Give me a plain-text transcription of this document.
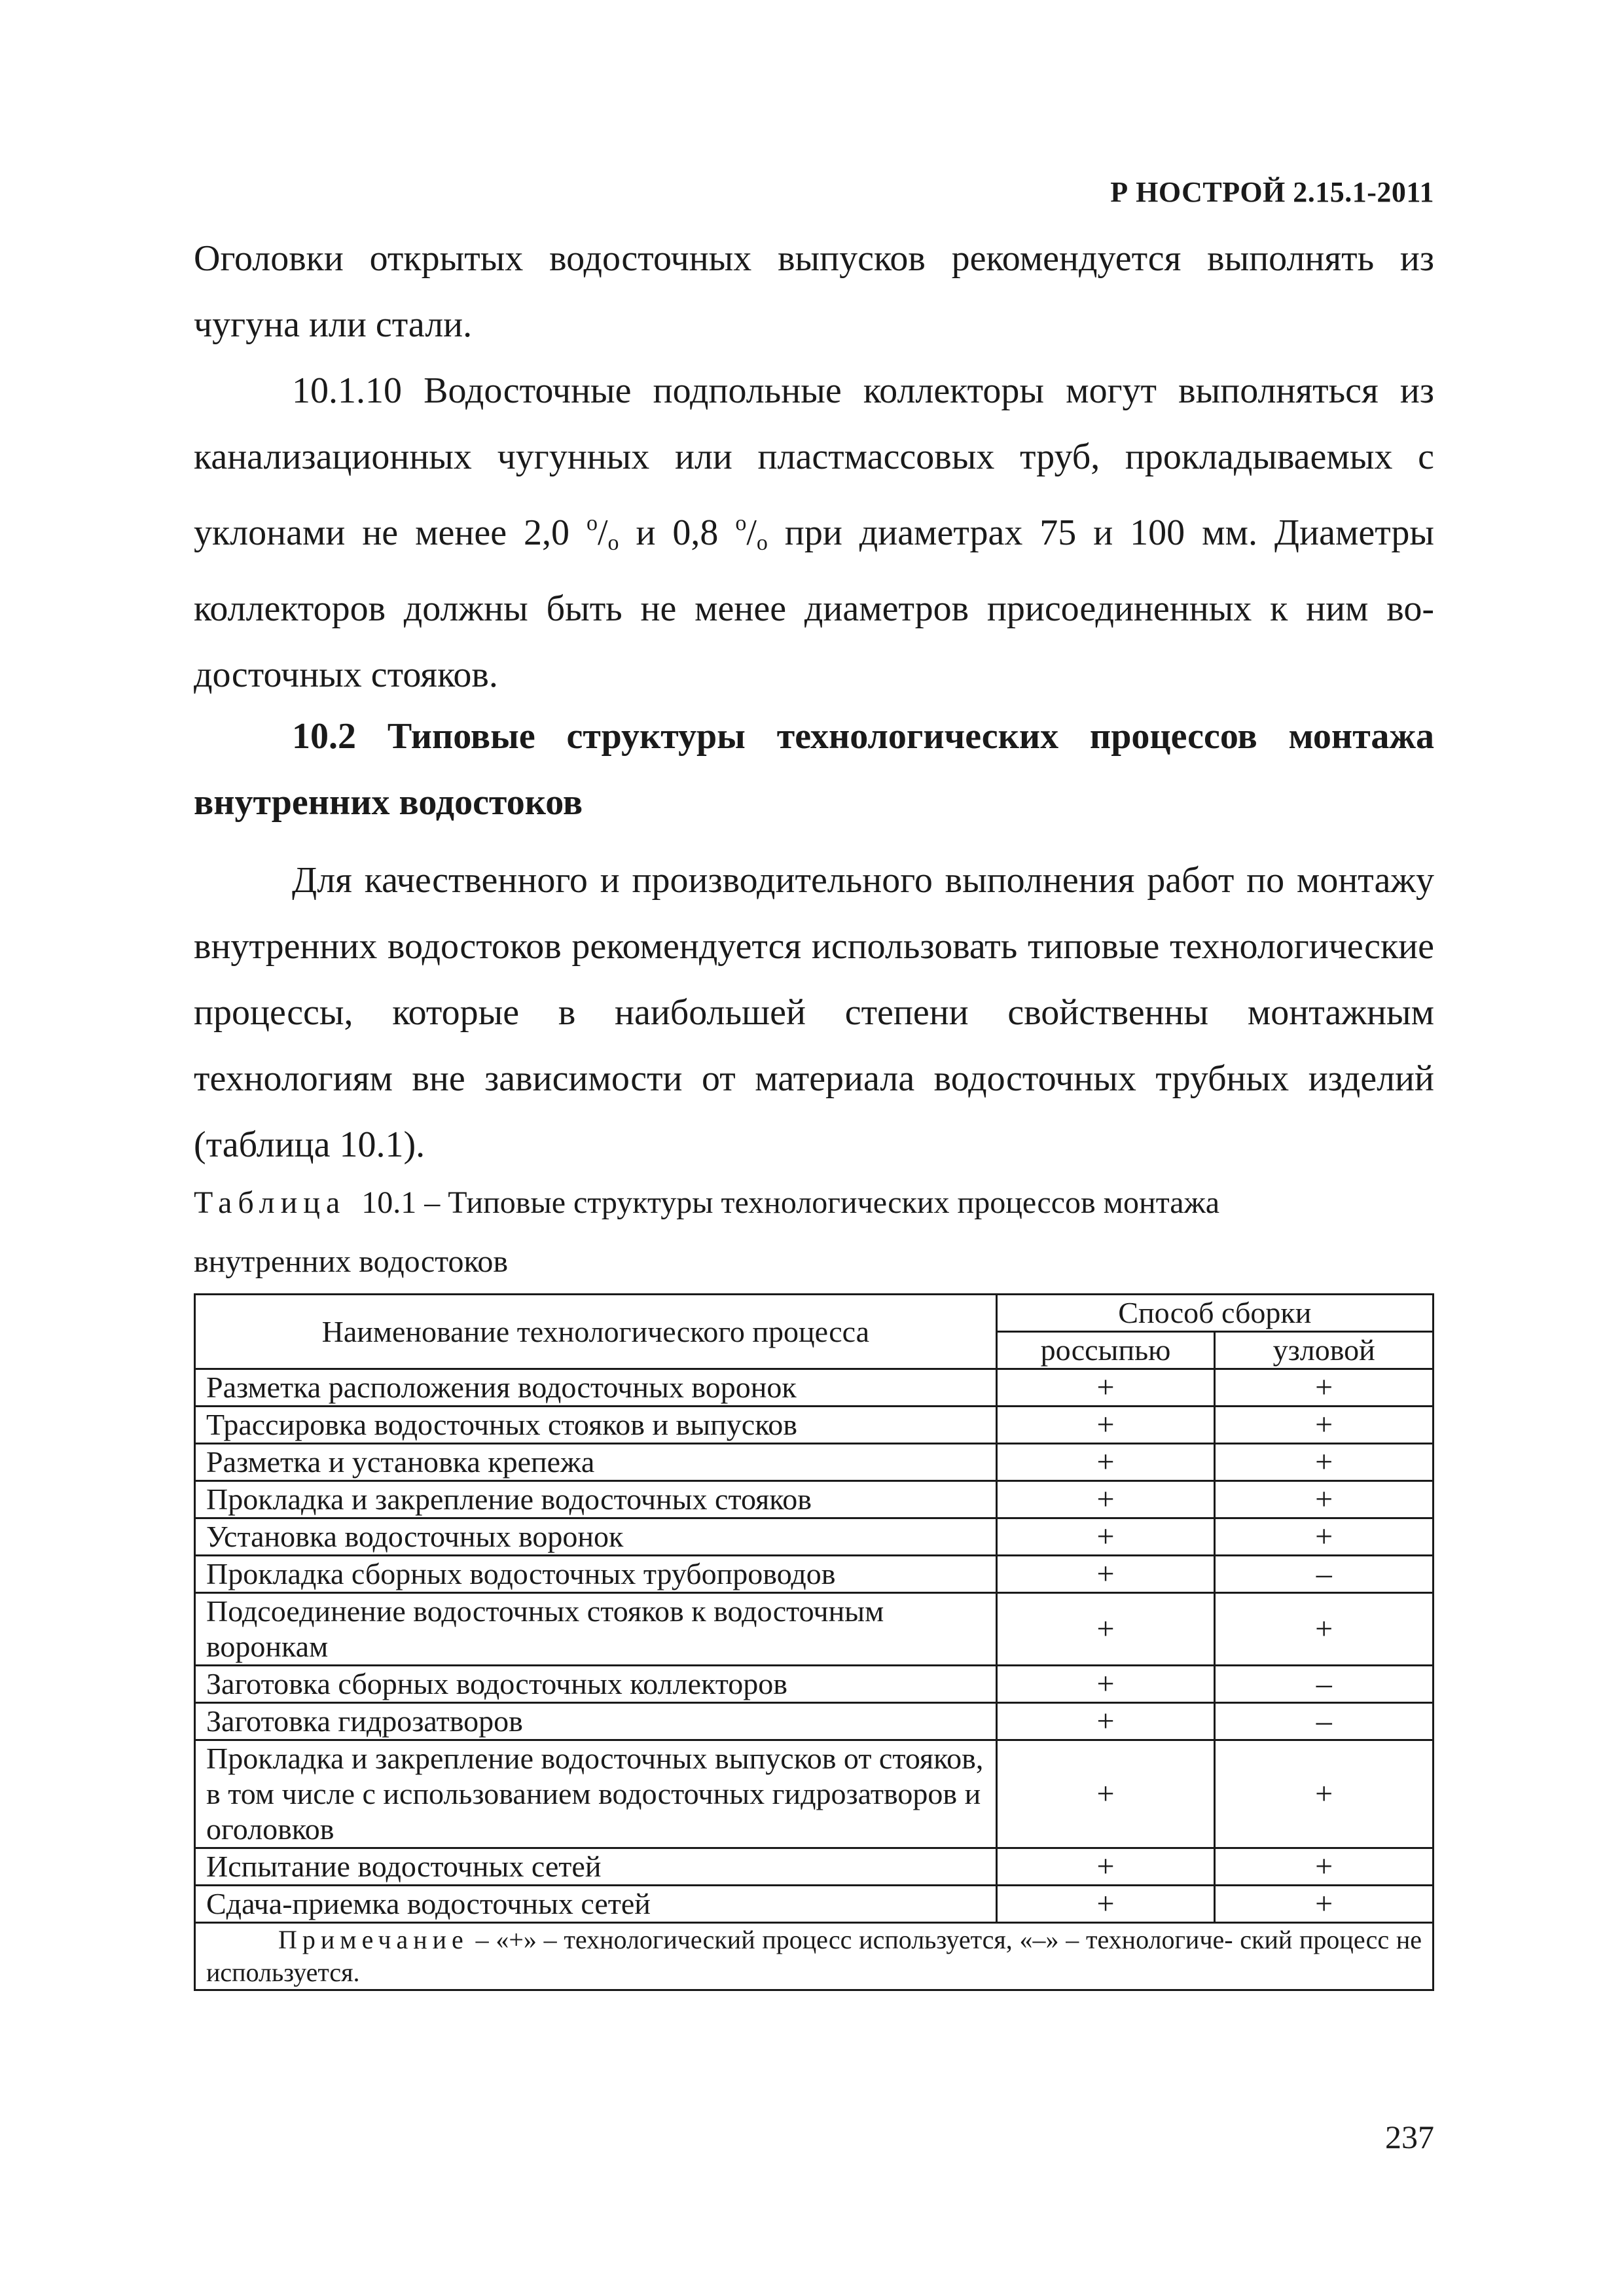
Р НОСТРОЙ 2.15.1-2011

Оголовки открытых водосточных выпусков рекомендуется выполнять из чугуна или стали.

10.1.10 Водосточные подпольные коллекторы могут выполняться из канализационных чугунных или пластмассовых труб, прокладываемых с уклонами не менее 2,0 $^о/_о$ и 0,8 $^о/_о$ при диаметрах 75 и 100 мм. Диаметры коллекторов должны быть не менее диаметров присоединенных к ним во- досточных стояков.

10.2 Типовые структуры технологических процессов монтажа
внутренних водостоков

Для качественного и производительного выполнения работ по монтажу внутренних водостоков рекомендуется использовать типовые технологические процессы, которые в наибольшей степени свойственны монтажным технологиям вне зависимости от материала водосточных трубных изделий (таблица 10.1).

Таблица 10.1 – Типовые структуры технологических процессов монтажа
внутренних водостоков
Наименование технологического процесса	Способ сборки	
	россыпью	узловой
Разметка расположения водосточных воронок	+	+
Трассировка водосточных стояков и выпусков	+	+
Разметка и установка крепежа	+	+
Прокладка и закрепление водосточных стояков	+	+
Установка водосточных воронок	+	+
Прокладка сборных водосточных трубопроводов	+	–
Подсоединение водосточных стояков к водосточным воронкам	+	+
Заготовка сборных водосточных коллекторов	+	–
Заготовка гидрозатворов	+	–
Прокладка и закрепление водосточных выпусков от стояков, в том числе с использованием водосточных гидрозатворов и оголовков	+	+
Испытание водосточных сетей	+	+
Сдача-приемка водосточных сетей	+	+

Примечание – «+» – технологический процесс используется, «–» – технологиче- ский процесс не используется.		
237
